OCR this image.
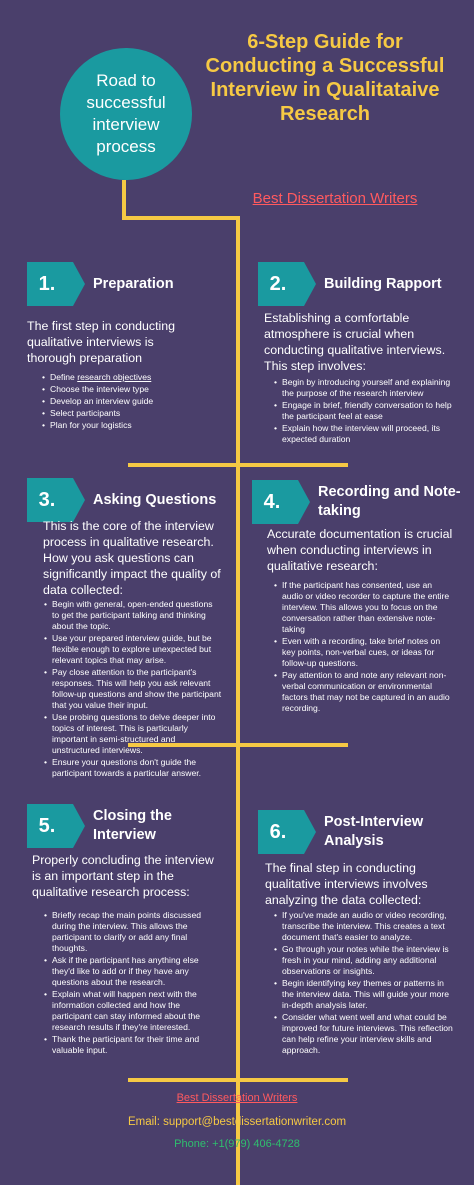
Road to successful interview process
6-Step Guide for Conducting a Successful Interview in Qualitataive Research
Best Dissertation Writers
1.	Preparation
The first step in conducting qualitative interviews is thorough preparation
• Define research objectives
• Choose the interview type
• Develop an interview guide
• Select participants
• Plan for your logistics
2.	Building Rapport
Establishing a comfortable atmosphere is crucial when conducting qualitative interviews. This step involves:
• Begin by introducing yourself and explaining the purpose of the research interview
• Engage in brief, friendly conversation to help the participant feel at ease
• Explain how the interview will proceed, its expected duration
3.	Asking Questions
This is the core of the interview process in qualitative research. How you ask questions can significantly impact the quality of data collected:
• Begin with general, open-ended questions to get the participant talking and thinking about the topic.
• Use your prepared interview guide, but be flexible enough to explore unexpected but relevant topics that may arise.
• Pay close attention to the participant's responses. This will help you ask relevant follow-up questions and show the participant that you value their input.
• Use probing questions to delve deeper into topics of interest. This is particularly important in semi-structured and unstructured interviews.
• Ensure your questions don't guide the participant towards a particular answer.
4.	Recording and Note-taking
Accurate documentation is crucial when conducting interviews in qualitative research:
• If the participant has consented, use an audio or video recorder to capture the entire interview. This allows you to focus on the conversation rather than extensive note-taking
• Even with a recording, take brief notes on key points, non-verbal cues, or ideas for follow-up questions.
• Pay attention to and note any relevant non-verbal communication or environmental factors that may not be captured in an audio recording.
5.	Closing the Interview
Properly concluding the interview is an important step in the qualitative research process:
• Briefly recap the main points discussed during the interview. This allows the participant to clarify or add any final thoughts.
• Ask if the participant has anything else they'd like to add or if they have any questions about the research.
• Explain what will happen next with the information collected and how the participant can stay informed about the research results if they're interested.
• Thank the participant for their time and valuable input.
6.	Post-Interview Analysis
The final step in conducting qualitative interviews involves analyzing the data collected:
• If you've made an audio or video recording, transcribe the interview. This creates a text document that's easier to analyze.
• Go through your notes while the interview is fresh in your mind, adding any additional observations or insights.
• Begin identifying key themes or patterns in the interview data. This will guide your more in-depth analysis later.
• Consider what went well and what could be improved for future interviews. This reflection can help refine your interview skills and approach.
Best Dissertation Writers
Email: support@bestdissertationwriter.com
Phone: +1(979) 406-4728
